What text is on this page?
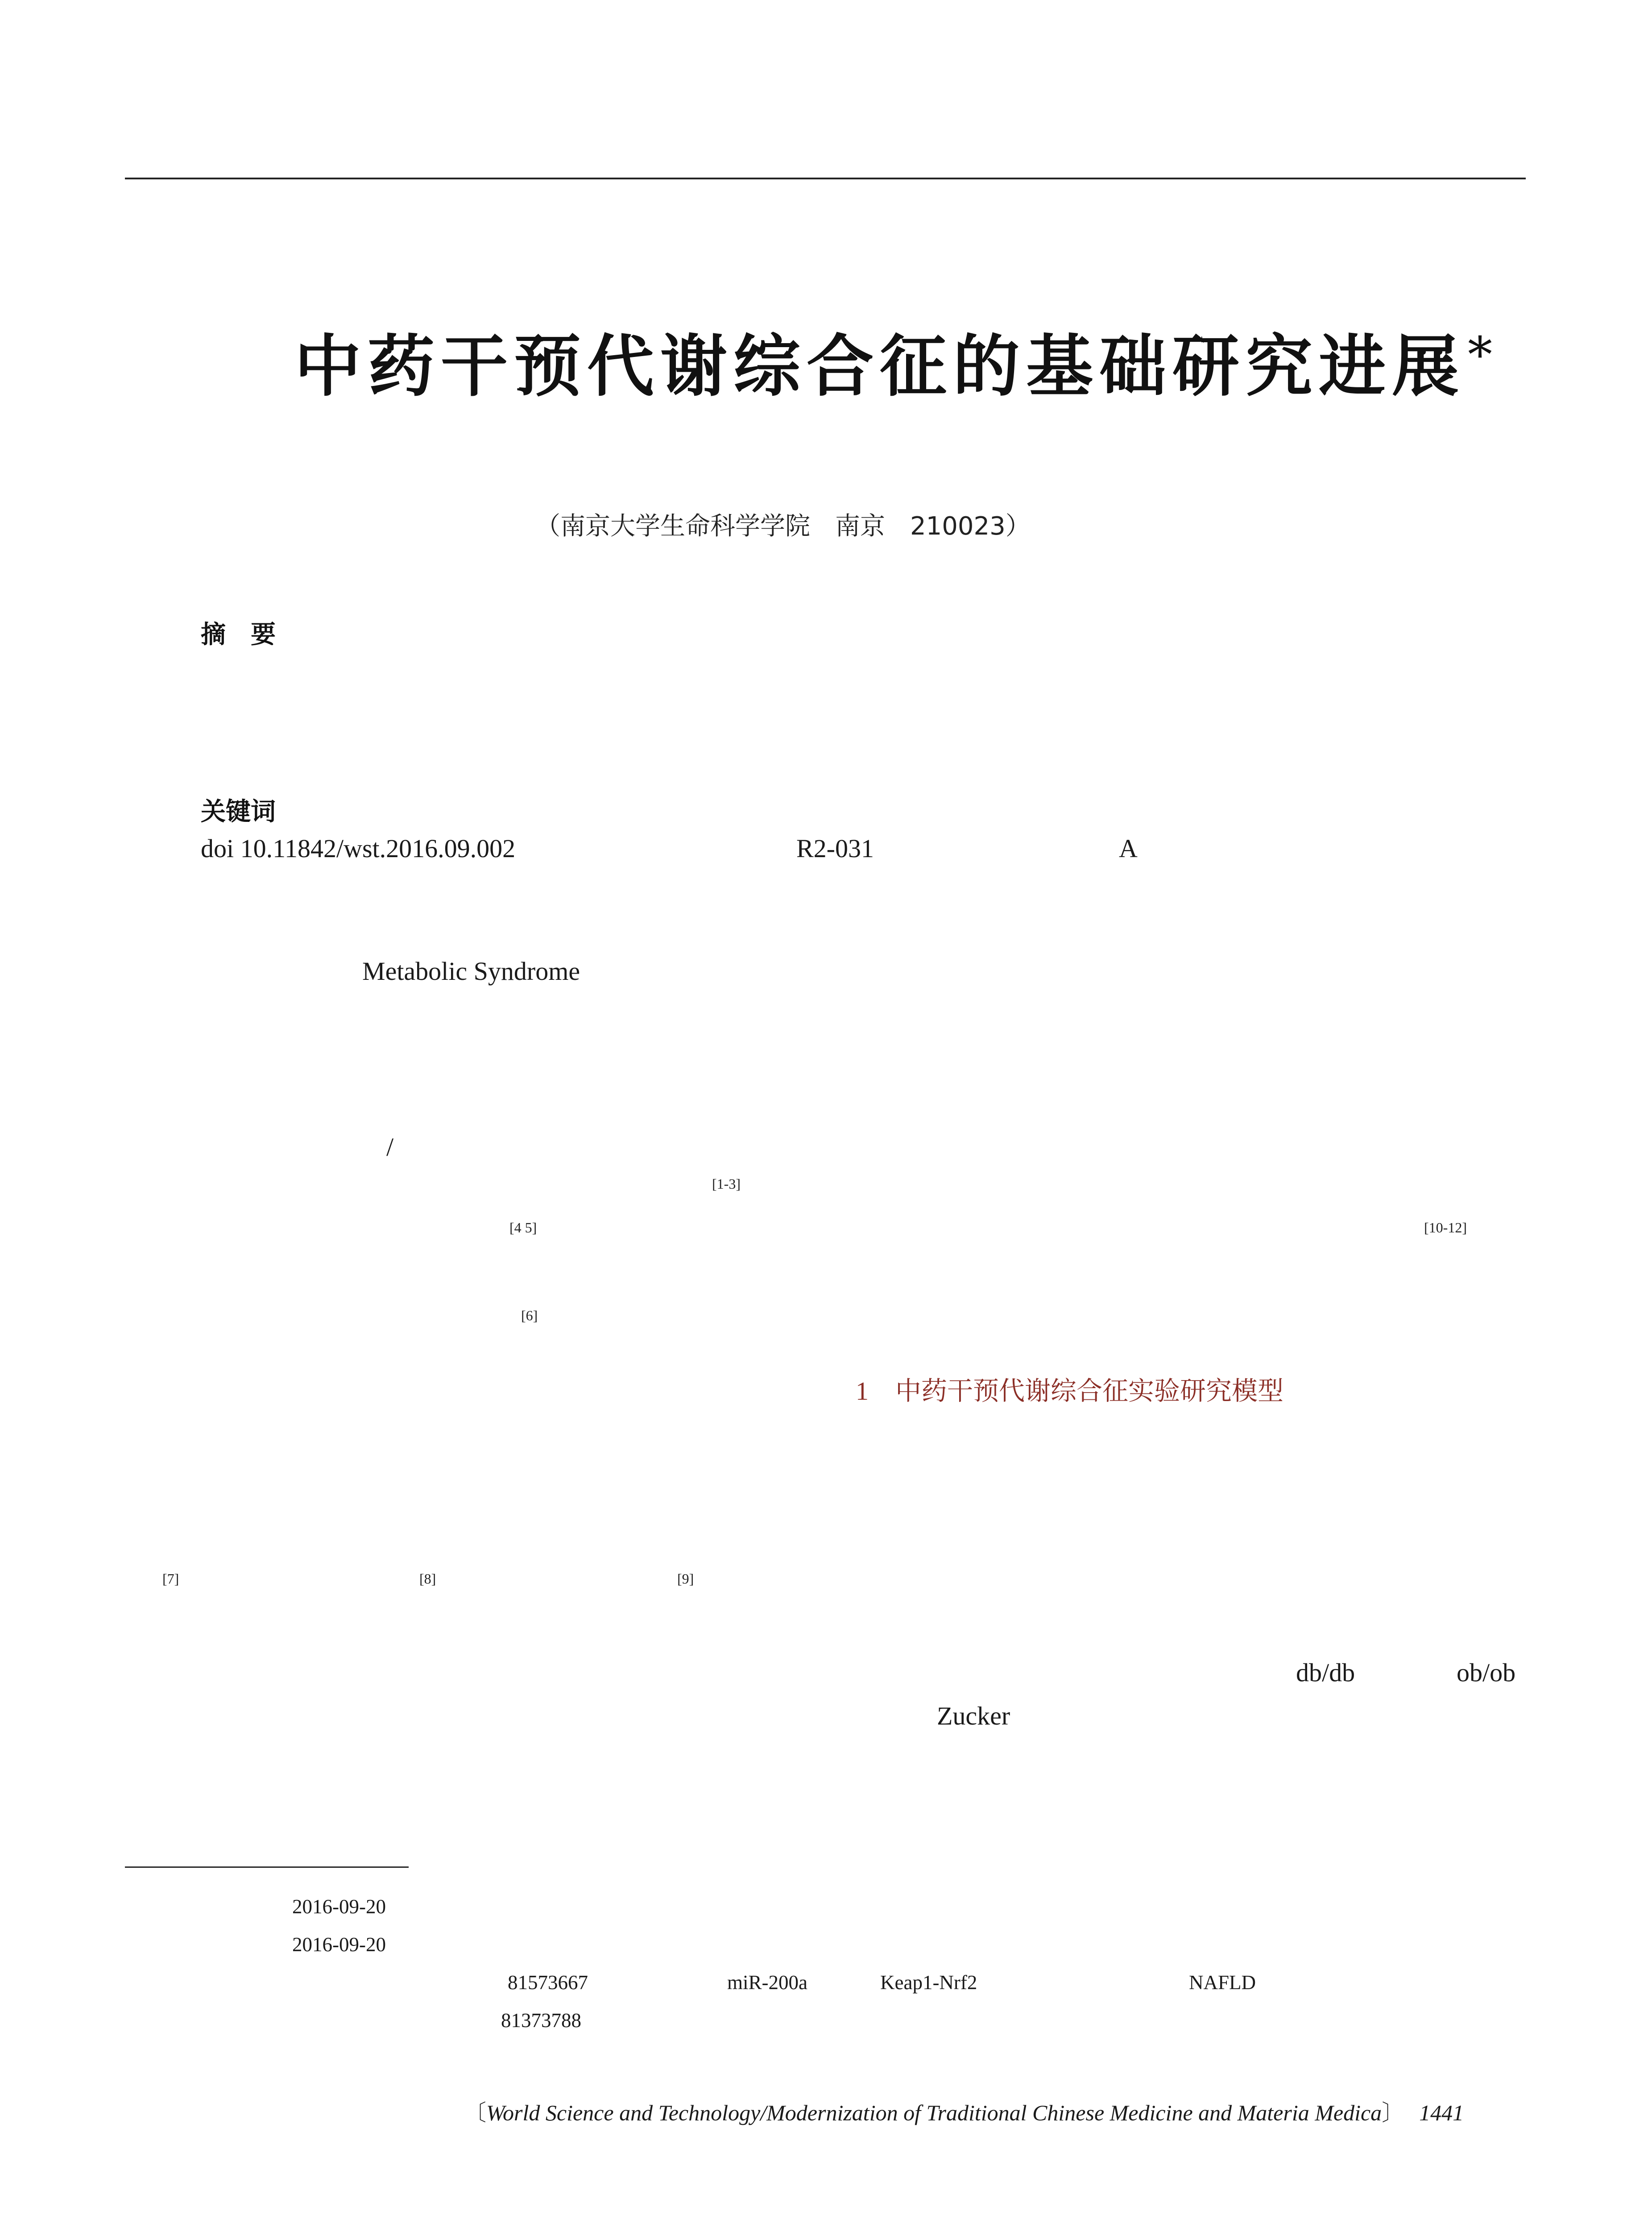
中药干预代谢综合征的基础研究进展*
（南京大学生命科学学院　南京　210023）
摘　要
关键词
doi 10.11842/wst.2016.09.002	R2-031	A
Metabolic Syndrome
/
[1-3]
[4 5]	[10-12]
[6]
1 中药干预代谢综合征实验研究模型
[7]	[8]	[9]
db/db	ob/ob
Zucker
2016-09-20
2016-09-20
81573667	miR-200a	Keap1-Nrf2	NAFLD
81373788
〔World Science and Technology/Modernization of Traditional Chinese Medicine and Materia Medica〕 1441
